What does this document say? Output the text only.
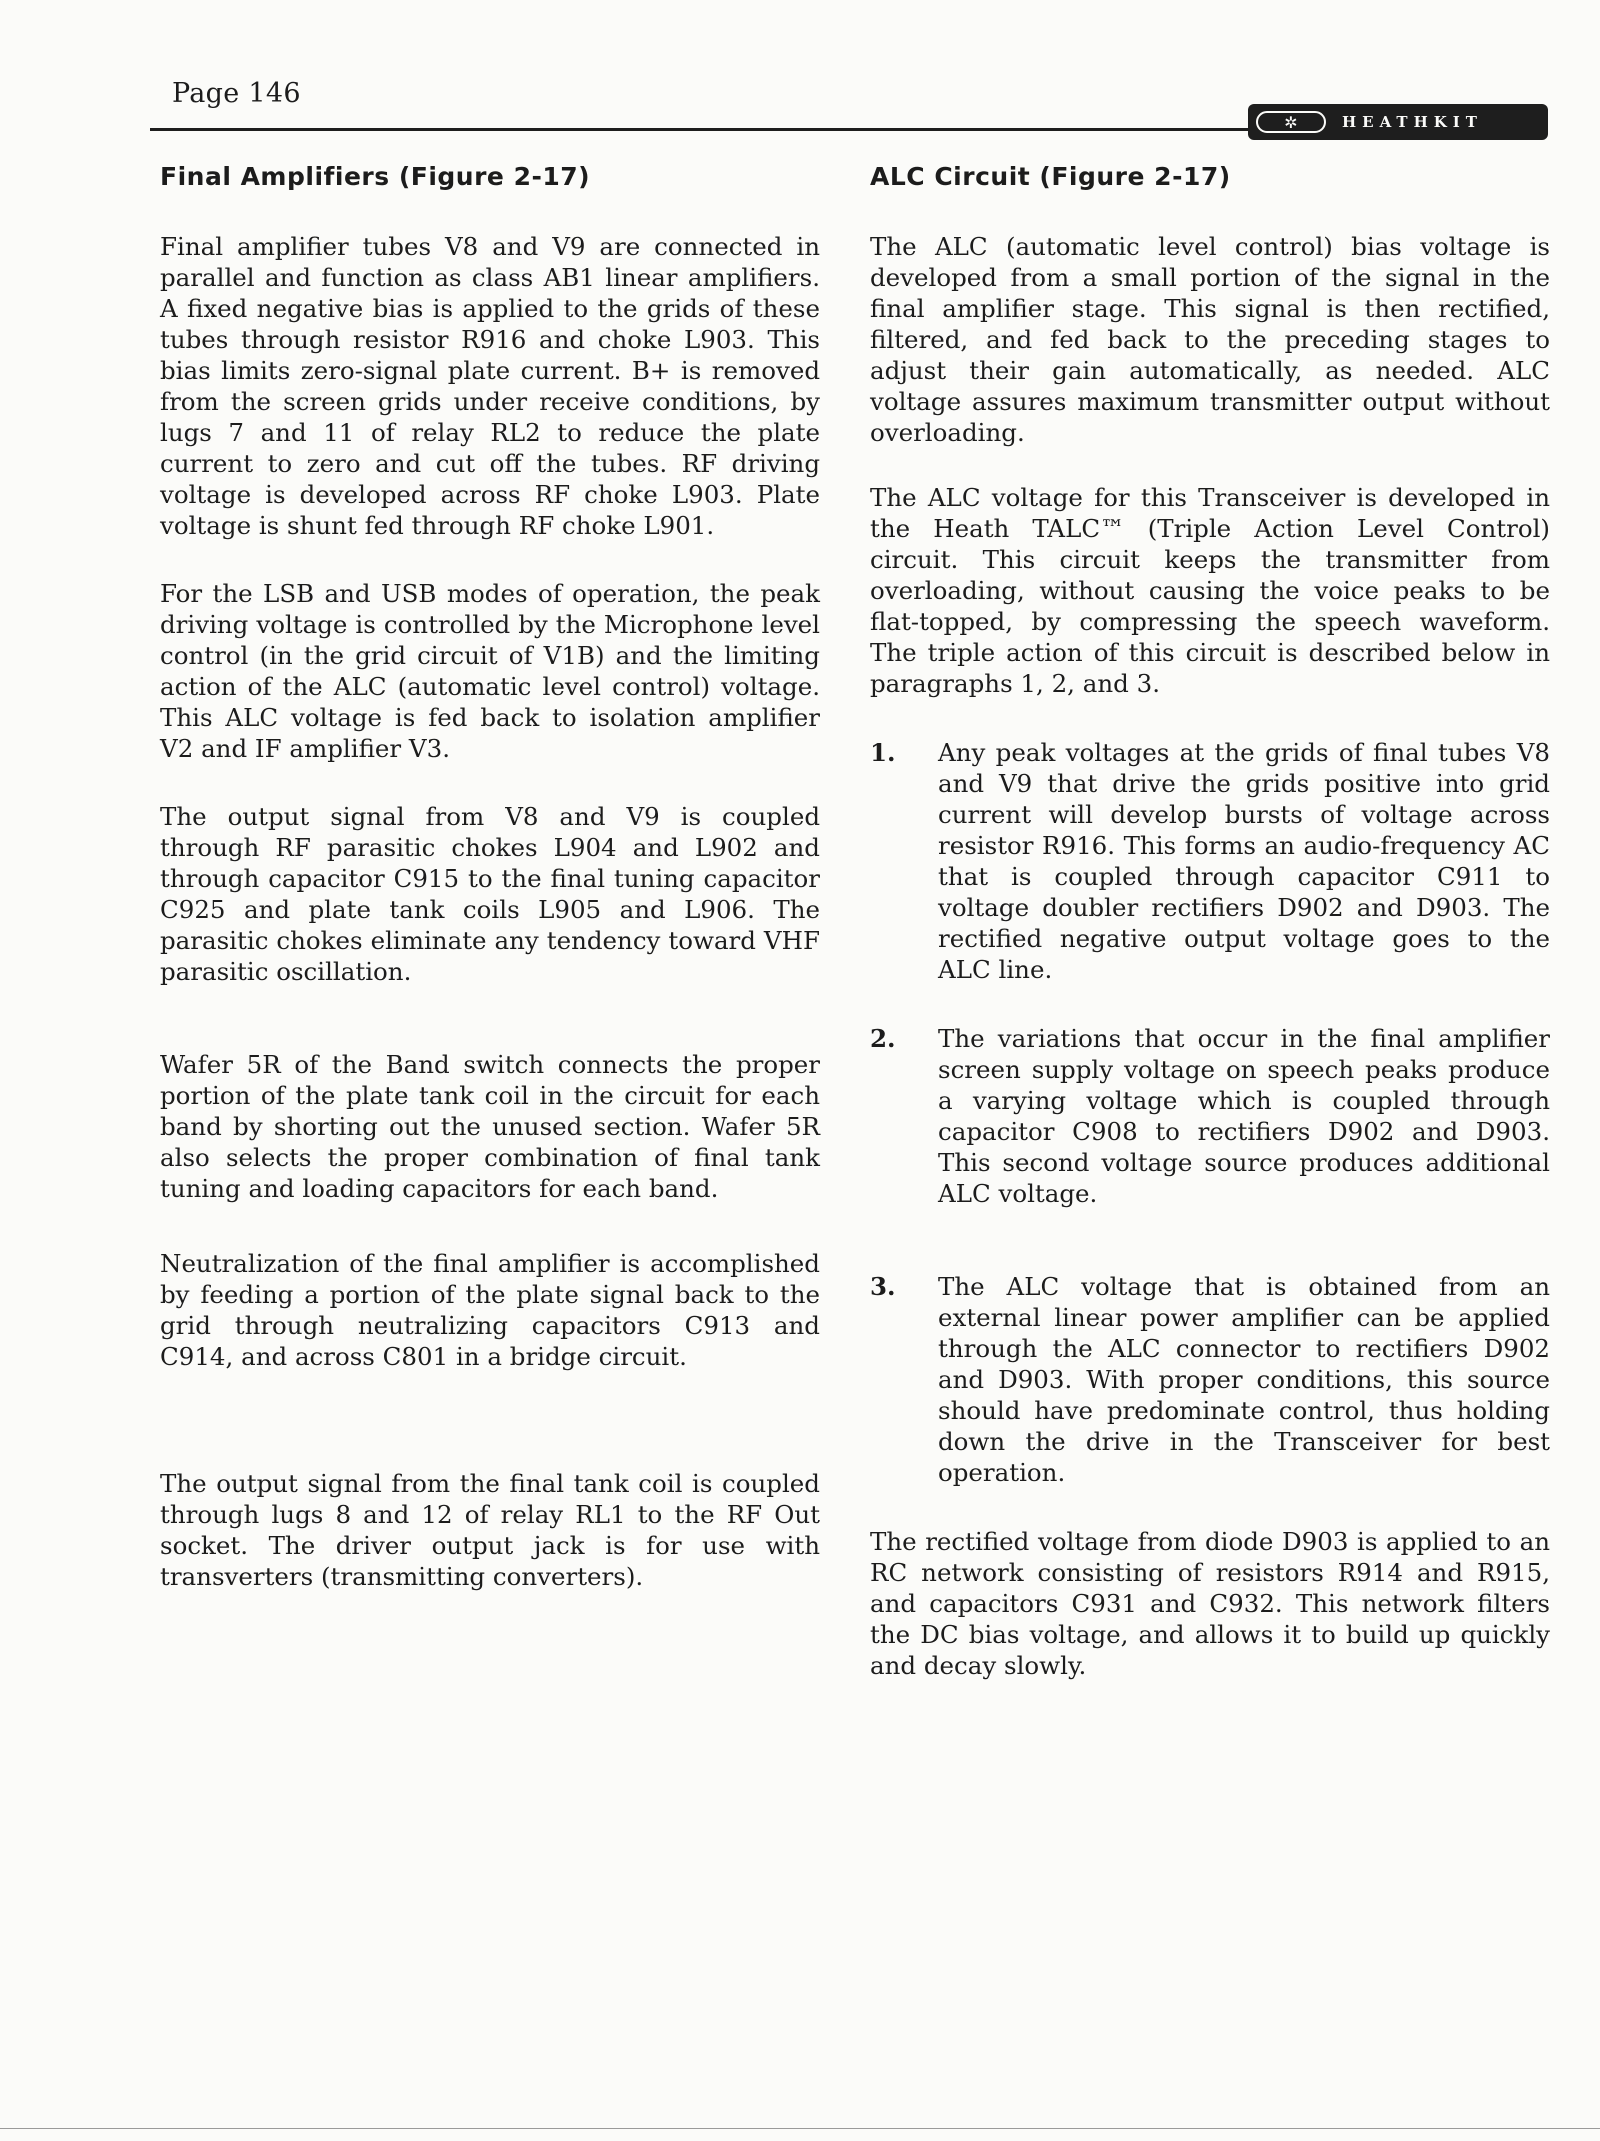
Page 146
✲	HEATHKIT
Final Amplifiers (Figure 2-17)

Final amplifier tubes V8 and V9 are connected in parallel and function as class AB1 linear amplifiers. A fixed negative bias is applied to the grids of these tubes through resistor R916 and choke L903. This bias limits zero-signal plate current. B+ is removed from the screen grids under receive conditions, by lugs 7 and 11 of relay RL2 to reduce the plate current to zero and cut off the tubes. RF driving voltage is developed across RF choke L903. Plate voltage is shunt fed through RF choke L901.

For the LSB and USB modes of operation, the peak driving voltage is controlled by the Microphone level control (in the grid circuit of V1B) and the limiting action of the ALC (automatic level control) voltage. This ALC voltage is fed back to isolation amplifier V2 and IF amplifier V3.

The output signal from V8 and V9 is coupled through RF parasitic chokes L904 and L902 and through capacitor C915 to the final tuning capacitor C925 and plate tank coils L905 and L906. The parasitic chokes eliminate any tendency toward VHF parasitic oscillation.

Wafer 5R of the Band switch connects the proper portion of the plate tank coil in the circuit for each band by shorting out the unused section. Wafer 5R also selects the proper combination of final tank tuning and loading capacitors for each band.

Neutralization of the final amplifier is accomplished by feeding a portion of the plate signal back to the grid through neutralizing capacitors C913 and C914, and across C801 in a bridge circuit.

The output signal from the final tank coil is coupled through lugs 8 and 12 of relay RL1 to the RF Out socket. The driver output jack is for use with transverters (transmitting converters).

ALC Circuit (Figure 2-17)

The ALC (automatic level control) bias voltage is developed from a small portion of the signal in the final amplifier stage. This signal is then rectified, filtered, and fed back to the preceding stages to adjust their gain automatically, as needed. ALC voltage assures maximum transmitter output without overloading.

The ALC voltage for this Transceiver is developed in the Heath TALC™ (Triple Action Level Control) circuit. This circuit keeps the transmitter from overloading, without causing the voice peaks to be flat-topped, by compressing the speech waveform. The triple action of this circuit is described below in paragraphs 1, 2, and 3.

1.	Any peak voltages at the grids of final tubes V8 and V9 that drive the grids positive into grid current will develop bursts of voltage across resistor R916. This forms an audio-frequency AC that is coupled through capacitor C911 to voltage doubler rectifiers D902 and D903. The rectified negative output voltage goes to the ALC line.
2.	The variations that occur in the final amplifier screen supply voltage on speech peaks produce a varying voltage which is coupled through capacitor C908 to rectifiers D902 and D903. This second voltage source produces additional ALC voltage.
3.	The ALC voltage that is obtained from an external linear power amplifier can be applied through the ALC connector to rectifiers D902 and D903. With proper conditions, this source should have predominate control, thus holding down the drive in the Transceiver for best operation.

The rectified voltage from diode D903 is applied to an RC network consisting of resistors R914 and R915, and capacitors C931 and C932. This network filters the DC bias voltage, and allows it to build up quickly and decay slowly.
